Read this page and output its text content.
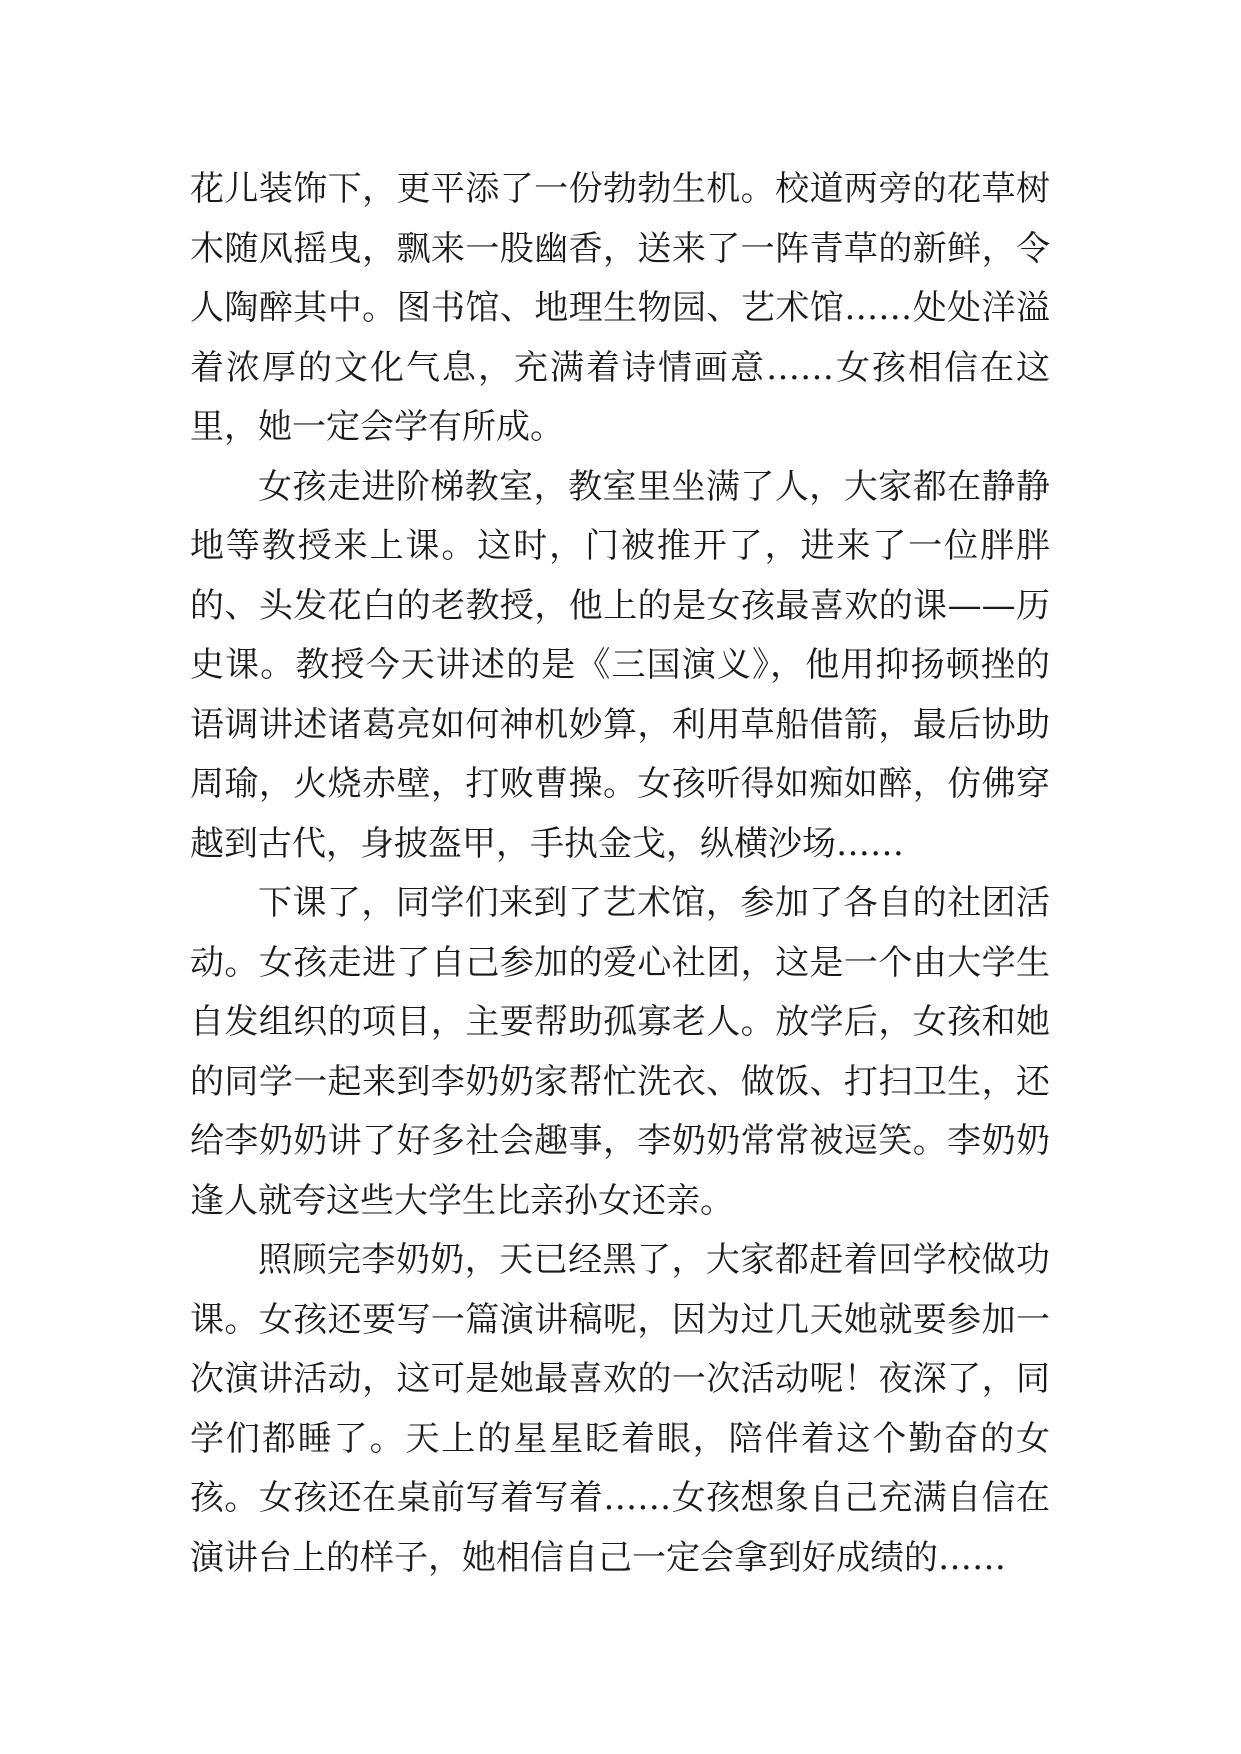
花儿装饰下，更平添了一份勃勃生机。校道两旁的花草树木随风摇曳，飘来一股幽香，送来了一阵青草的新鲜，令人陶醉其中。图书馆、地理生物园、艺术馆……处处洋溢着浓厚的文化气息，充满着诗情画意……女孩相信在这里，她一定会学有所成。

女孩走进阶梯教室，教室里坐满了人，大家都在静静地等教授来上课。这时，门被推开了，进来了一位胖胖的、头发花白的老教授，他上的是女孩最喜欢的课——历史课。教授今天讲述的是《三国演义》，他用抑扬顿挫的语调讲述诸葛亮如何神机妙算，利用草船借箭，最后协助周瑜，火烧赤壁，打败曹操。女孩听得如痴如醉，仿佛穿越到古代，身披盔甲，手执金戈，纵横沙场……

下课了，同学们来到了艺术馆，参加了各自的社团活动。女孩走进了自己参加的爱心社团，这是一个由大学生自发组织的项目，主要帮助孤寡老人。放学后，女孩和她的同学一起来到李奶奶家帮忙洗衣、做饭、打扫卫生，还给李奶奶讲了好多社会趣事，李奶奶常常被逗笑。李奶奶逢人就夸这些大学生比亲孙女还亲。

照顾完李奶奶，天已经黑了，大家都赶着回学校做功课。女孩还要写一篇演讲稿呢，因为过几天她就要参加一次演讲活动，这可是她最喜欢的一次活动呢！夜深了，同学们都睡了。天上的星星眨着眼，陪伴着这个勤奋的女孩。女孩还在桌前写着写着……女孩想象自己充满自信在演讲台上的样子，她相信自己一定会拿到好成绩的……
